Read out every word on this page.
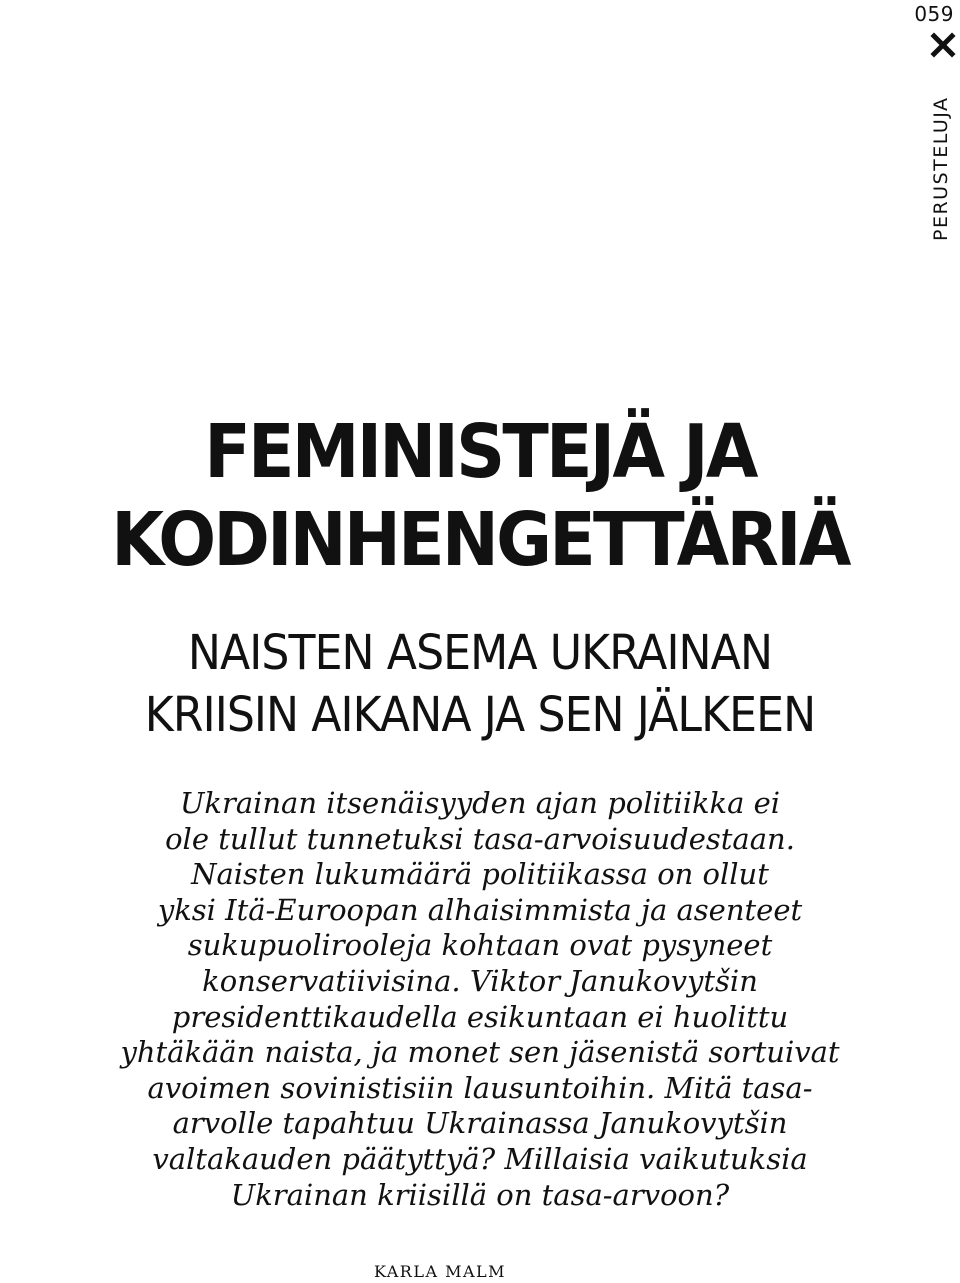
059
PERUSTELUJA
FEMINISTEJÄ JA
KODINHENGETTÄRIÄ
NAISTEN ASEMA UKRAINAN
KRIISIN AIKANA JA SEN JÄLKEEN
Ukrainan itsenäisyyden ajan politiikka ei
ole tullut tunnetuksi tasa-arvoisuudestaan.
Naisten lukumäärä politiikassa on ollut
yksi Itä-Euroopan alhaisimmista ja asenteet
sukupuolirooleja kohtaan ovat pysyneet
konservatiivisina. Viktor Janukovytšin
presidenttikaudella esikuntaan ei huolittu
yhtäkään naista, ja monet sen jäsenistä sortuivat
avoimen sovinistisiin lausuntoihin. Mitä tasa-
arvolle tapahtuu Ukrainassa Janukovytšin
valtakauden päätyttyä? Millaisia vaikutuksia
Ukrainan kriisillä on tasa-arvoon?
KARLA MALM
